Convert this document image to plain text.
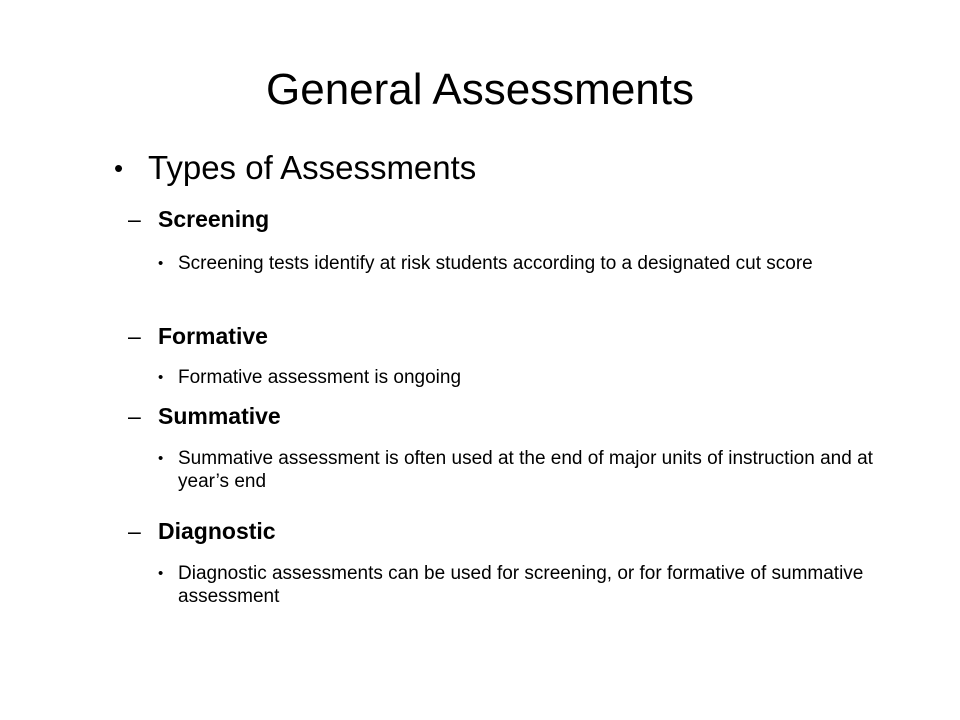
General Assessments
• Types of Assessments
– Screening
• Screening tests identify at risk students according to a designated cut score
– Formative
• Formative assessment is ongoing
– Summative
• Summative assessment is often used at the end of major units of instruction and at year’s end
– Diagnostic
• Diagnostic assessments can be used for screening, or for formative of summative assessment
